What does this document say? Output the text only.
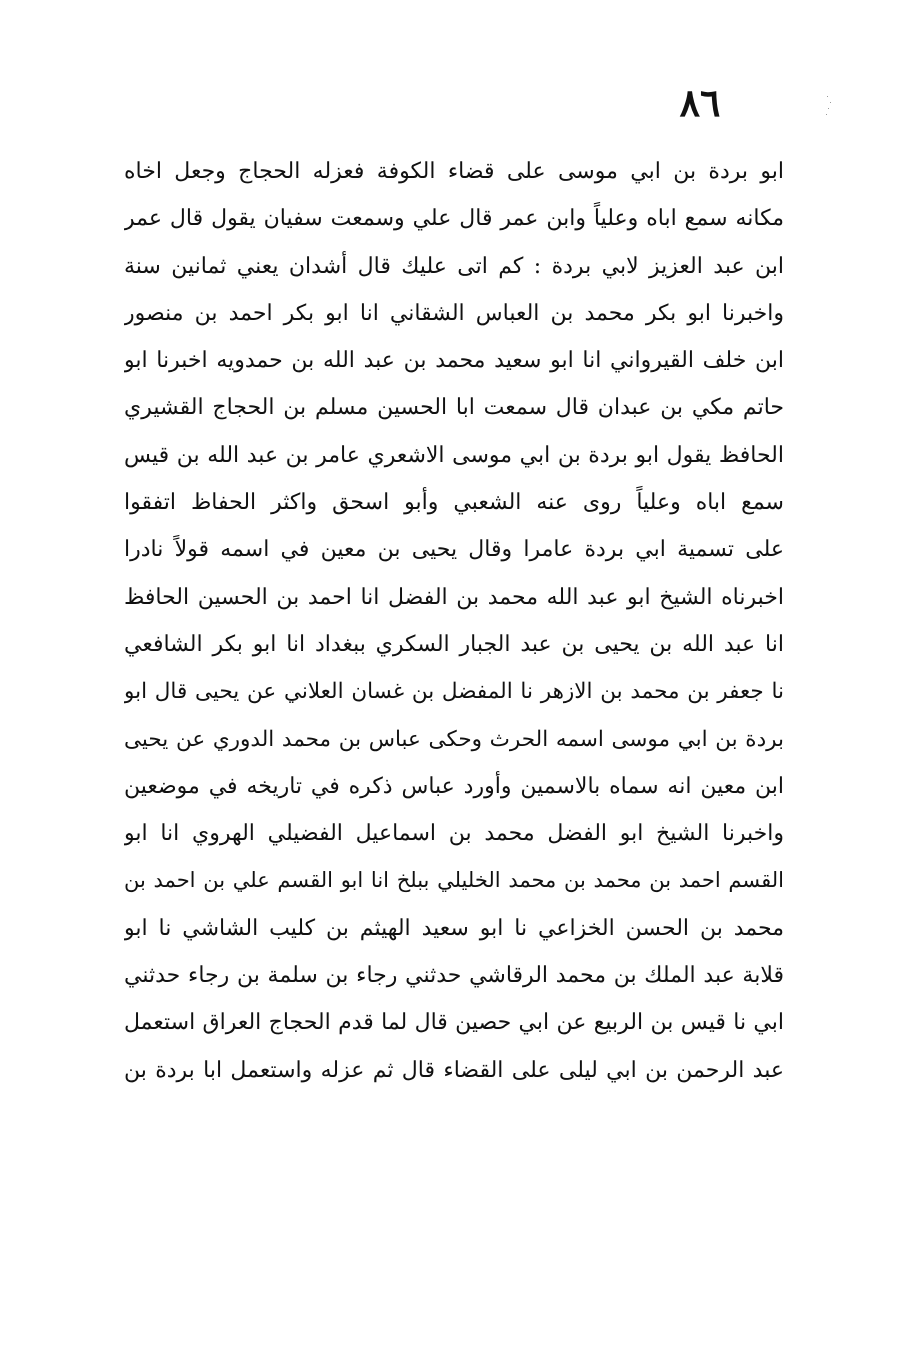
٨٦
ابو بردة بن ابي موسى على قضاء الكوفة فعزله الحجاج وجعل اخاه
مكانه سمع اباه وعلياً وابن عمر قال علي وسمعت سفيان يقول قال عمر
ابن عبد العزيز لابي بردة : كم اتى عليك قال أشدان يعني ثمانين سنة
واخبرنا ابو بكر محمد بن العباس الشقاني انا ابو بكر احمد بن منصور
ابن خلف القيرواني انا ابو سعيد محمد بن عبد الله بن حمدويه اخبرنا ابو
حاتم مكي بن عبدان قال سمعت ابا الحسين مسلم بن الحجاج القشيري
الحافظ يقول ابو بردة بن ابي موسى الاشعري عامر بن عبد الله بن قيس
سمع اباه وعلياً روى عنه الشعبي وأبو اسحق واكثر الحفاظ اتفقوا
على تسمية ابي بردة عامرا وقال يحيى بن معين في اسمه قولاً نادرا
اخبرناه الشيخ ابو عبد الله محمد بن الفضل انا احمد بن الحسين الحافظ
انا عبد الله بن يحيى بن عبد الجبار السكري ببغداد انا ابو بكر الشافعي
نا جعفر بن محمد بن الازهر نا المفضل بن غسان العلاني عن يحيى قال ابو
بردة بن ابي موسى اسمه الحرث وحكى عباس بن محمد الدوري عن يحيى
ابن معين انه سماه بالاسمين وأورد عباس ذكره في تاريخه في موضعين
واخبرنا الشيخ ابو الفضل محمد بن اسماعيل الفضيلي الهروي انا ابو
القسم احمد بن محمد بن محمد الخليلي ببلخ انا ابو القسم علي بن احمد بن
محمد بن الحسن الخزاعي نا ابو سعيد الهيثم بن كليب الشاشي نا ابو
قلابة عبد الملك بن محمد الرقاشي حدثني رجاء بن سلمة بن رجاء حدثني
ابي نا قيس بن الربيع عن ابي حصين قال لما قدم الحجاج العراق استعمل
عبد الرحمن بن ابي ليلى على القضاء قال ثم عزله واستعمل ابا بردة بن
